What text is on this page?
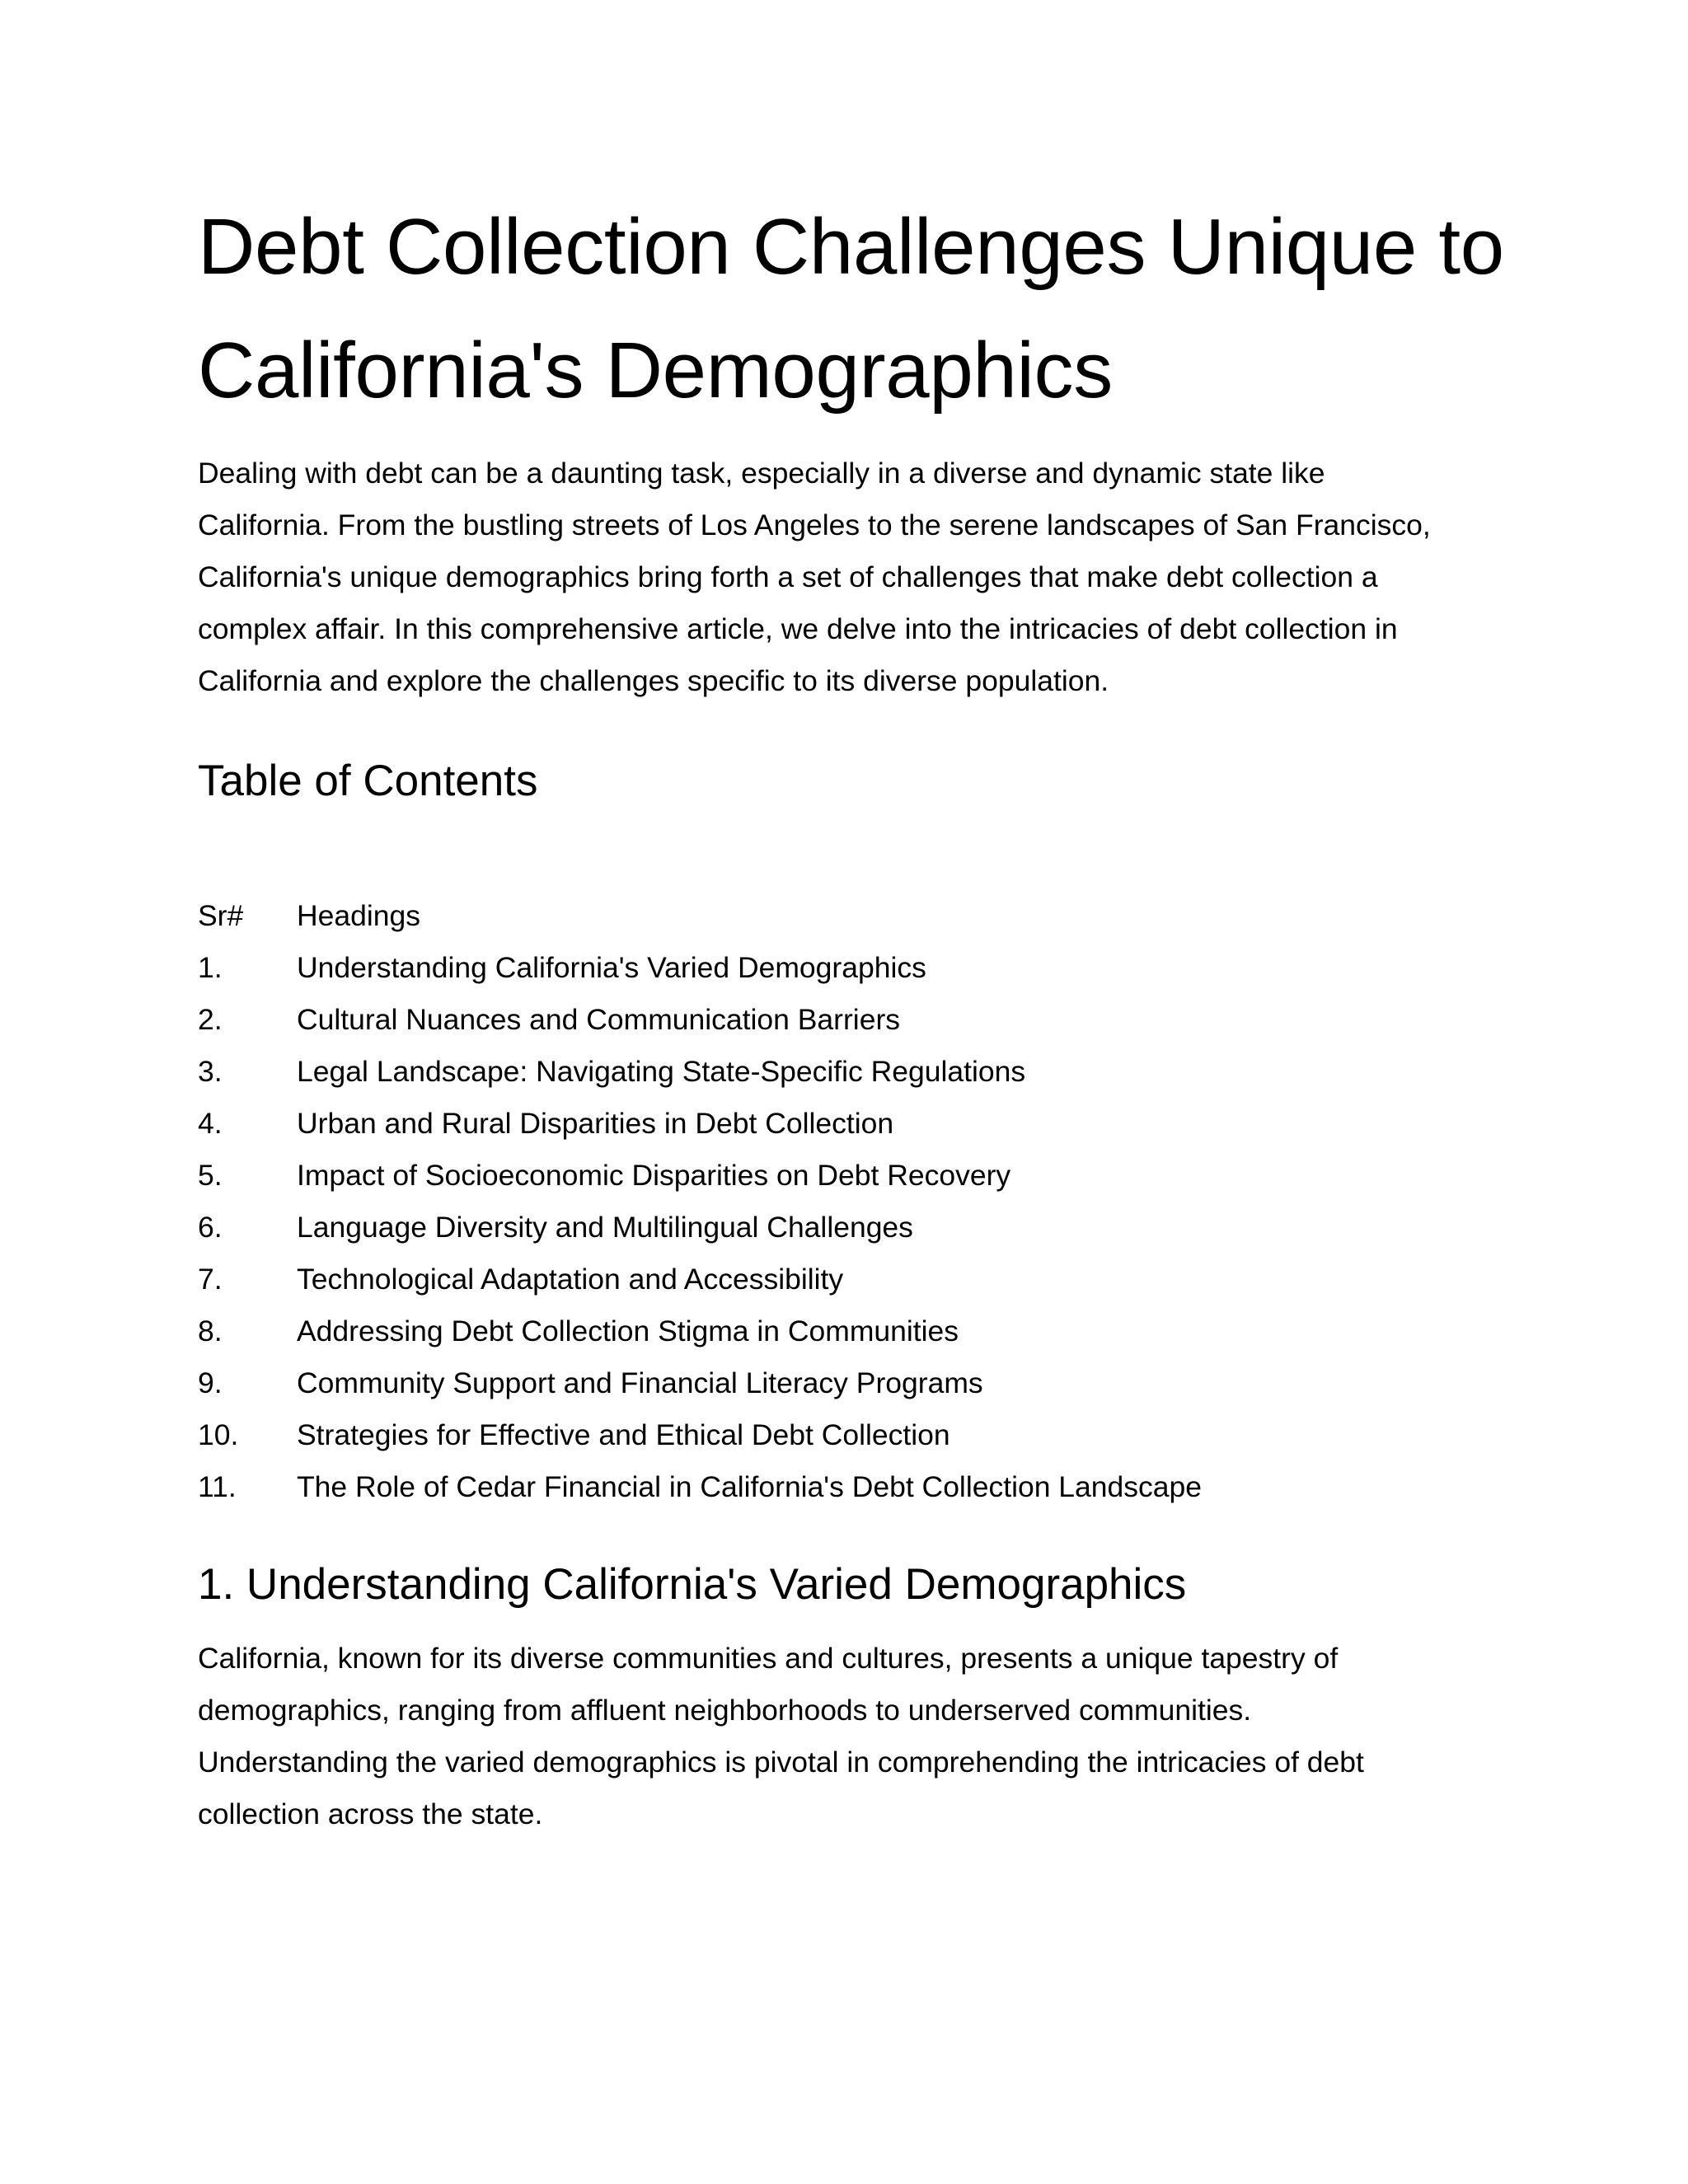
Debt Collection Challenges Unique to
California's Demographics

Dealing with debt can be a daunting task, especially in a diverse and dynamic state like
California. From the bustling streets of Los Angeles to the serene landscapes of San Francisco,
California's unique demographics bring forth a set of challenges that make debt collection a
complex affair. In this comprehensive article, we delve into the intricacies of debt collection in
California and explore the challenges specific to its diverse population.

Table of Contents
Sr#	Headings
1.	Understanding California's Varied Demographics
2.	Cultural Nuances and Communication Barriers
3.	Legal Landscape: Navigating State-Specific Regulations
4.	Urban and Rural Disparities in Debt Collection
5.	Impact of Socioeconomic Disparities on Debt Recovery
6.	Language Diversity and Multilingual Challenges
7.	Technological Adaptation and Accessibility
8.	Addressing Debt Collection Stigma in Communities
9.	Community Support and Financial Literacy Programs
10.	Strategies for Effective and Ethical Debt Collection
11.	The Role of Cedar Financial in California's Debt Collection Landscape
1. Understanding California's Varied Demographics

California, known for its diverse communities and cultures, presents a unique tapestry of
demographics, ranging from affluent neighborhoods to underserved communities.
Understanding the varied demographics is pivotal in comprehending the intricacies of debt
collection across the state.
